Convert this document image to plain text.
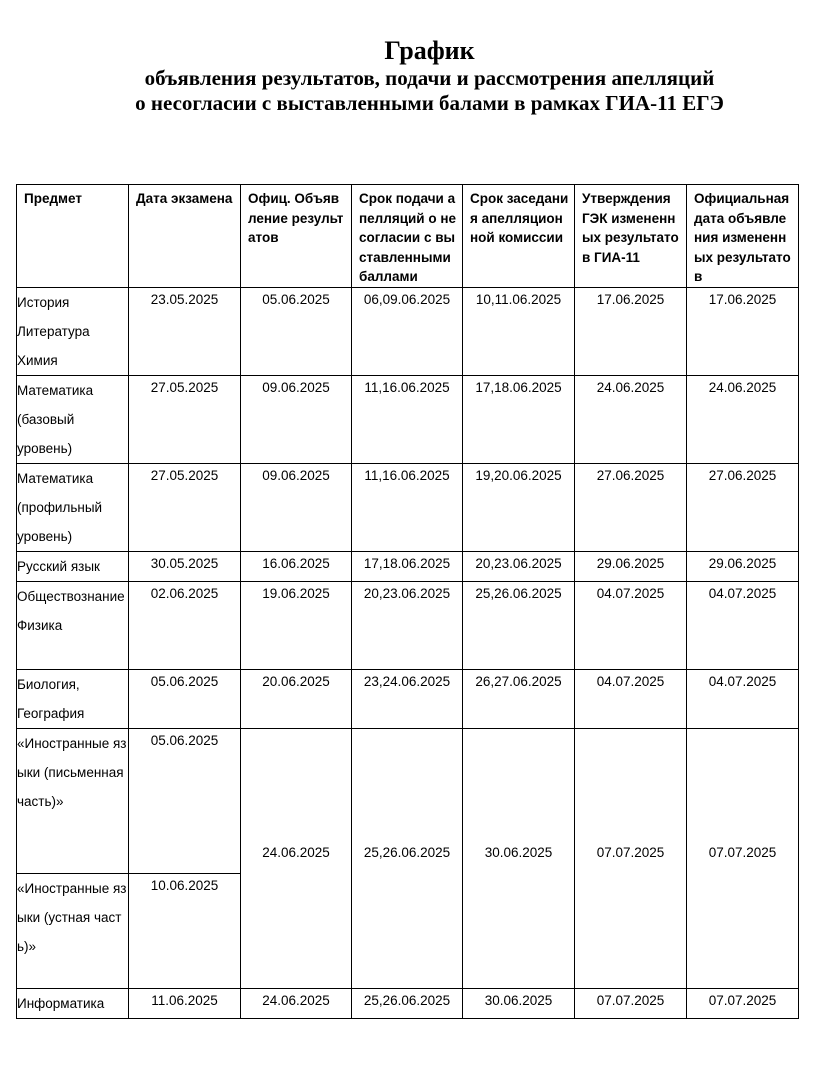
График
объявления результатов, подачи и рассмотрения апелляций
о несогласии с выставленными балами в рамках ГИА-11 ЕГЭ
Предмет	Дата экзамена	Офиц. Объявление результатов	Срок подачи апелляций о несогласии с выставленными баллами	Срок заседания апелляционной комиссии	Утверждения ГЭК измененных результатов ГИА-11	Официальная дата объявления измененных результатов

История
Литература
Химия	23.05.2025	05.06.2025	06,09.06.2025	10,11.06.2025	17.06.2025	17.06.2025

Математика
(базовый
уровень)	27.05.2025	09.06.2025	11,16.06.2025	17,18.06.2025	24.06.2025	24.06.2025

Математика
(профильный
уровень)	27.05.2025	09.06.2025	11,16.06.2025	19,20.06.2025	27.06.2025	27.06.2025

Русский язык	30.05.2025	16.06.2025	17,18.06.2025	20,23.06.2025	29.06.2025	29.06.2025

Обществознание
Физика	02.06.2025	19.06.2025	20,23.06.2025	25,26.06.2025	04.07.2025	04.07.2025

Биология,
География	05.06.2025	20.06.2025	23,24.06.2025	26,27.06.2025	04.07.2025	04.07.2025

«Иностранные языки (письменная часть)»	05.06.2025	24.06.2025	25,26.06.2025	30.06.2025	07.07.2025	07.07.2025

«Иностранные языки (устная часть)»	10.06.2025					

Информатика	11.06.2025	24.06.2025	25,26.06.2025	30.06.2025	07.07.2025	07.07.2025
